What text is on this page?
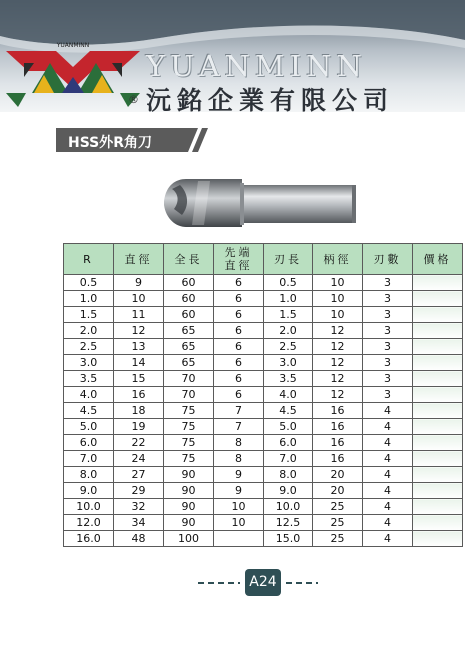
YUANMINN
YUANMINN
® 沅銘企業有限公司
HSS外R角刀
R	直徑	全長	先端
直徑	刃長	柄徑	刃數	價格
0.5	9	60	6	0.5	10	3	
1.0	10	60	6	1.0	10	3	
1.5	11	60	6	1.5	10	3	
2.0	12	65	6	2.0	12	3	
2.5	13	65	6	2.5	12	3	
3.0	14	65	6	3.0	12	3	
3.5	15	70	6	3.5	12	3	
4.0	16	70	6	4.0	12	3	
4.5	18	75	7	4.5	16	4	
5.0	19	75	7	5.0	16	4	
6.0	22	75	8	6.0	16	4	
7.0	24	75	8	7.0	16	4	
8.0	27	90	9	8.0	20	4	
9.0	29	90	9	9.0	20	4	
10.0	32	90	10	10.0	25	4	
12.0	34	90	10	12.5	25	4	
16.0	48	100		15.0	25	4	
A24
